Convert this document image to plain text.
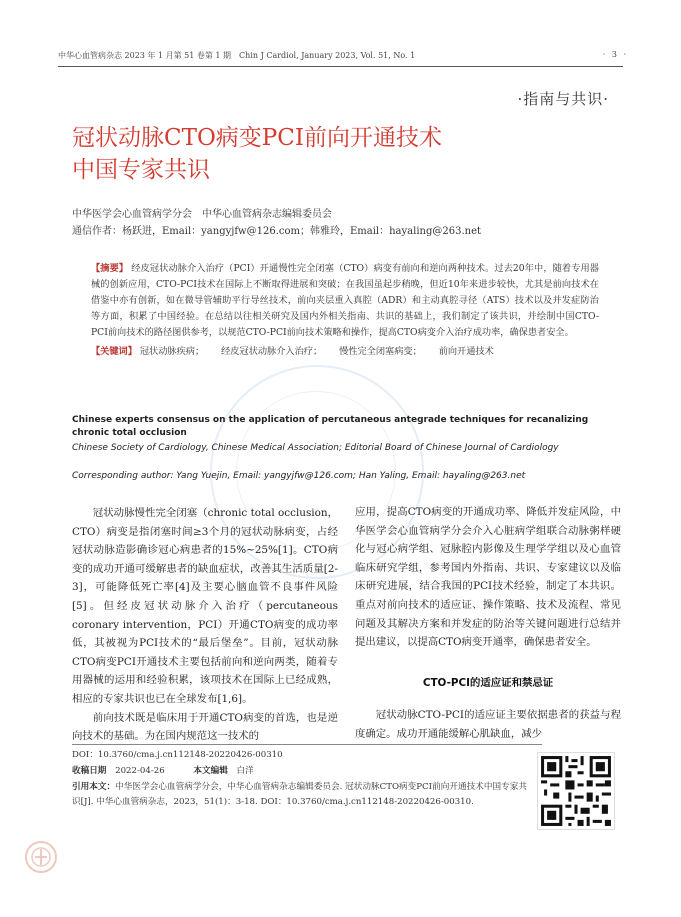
中华心血管病杂志 2023 年 1 月第 51 卷第 1 期　Chin J Cardiol, January 2023, Vol. 51, No. 1	· 3 ·
·指南与共识·
冠状动脉CTO病变PCI前向开通技术
中国专家共识
中华医学会心血管病学分会　中华心血管病杂志编辑委员会
通信作者：杨跃进，Email：yangyjfw@126.com；韩雅玲，Email：hayaling@263.net
【摘要】 经皮冠状动脉介入治疗（PCI）开通慢性完全闭塞（CTO）病变有前向和逆向两种技术。过去20年中，随着专用器械的创新应用，CTO-PCI技术在国际上不断取得进展和突破；在我国虽起步稍晚，但近10年来进步较快，尤其是前向技术在借鉴中亦有创新，如在微导管辅助平行导丝技术，前向夹层重入真腔（ADR）和主动真腔寻径（ATS）技术以及并发症防治等方面，积累了中国经验。在总结以往相关研究及国内外相关指南、共识的基础上，我们制定了该共识，并绘制中国CTO-PCI前向技术的路径图供参考，以规范CTO-PCI前向技术策略和操作，提高CTO病变介入治疗成功率，确保患者安全。
【关键词】 冠状动脉疾病； 经皮冠状动脉介入治疗； 慢性完全闭塞病变； 前向开通技术
Chinese experts consensus on the application of percutaneous antegrade techniques for recanalizing chronic total occlusion
Chinese Society of Cardiology, Chinese Medical Association; Editorial Board of Chinese Journal of Cardiology
Corresponding author: Yang Yuejin, Email: yangyjfw@126.com; Han Yaling, Email: hayaling@263.net

冠状动脉慢性完全闭塞（chronic total occlusion，CTO）病变是指闭塞时间≥3个月的冠状动脉病变，占经冠状动脉造影确诊冠心病患者的15%~25%[1]。CTO病变的成功开通可缓解患者的缺血症状，改善其生活质量[2-3]，可能降低死亡率[4]及主要心脑血管不良事件风险[5]。但经皮冠状动脉介入治疗（percutaneous coronary intervention，PCI）开通CTO病变的成功率低，其被视为PCI技术的“最后堡垒”。目前，冠状动脉CTO病变PCI开通技术主要包括前向和逆向两类，随着专用器械的运用和经验积累，该项技术在国际上已经成熟，相应的专家共识也已在全球发布[1,6]。

前向技术既是临床用于开通CTO病变的首选，也是逆向技术的基础。为在国内规范这一技术的

应用，提高CTO病变的开通成功率、降低并发症风险，中华医学会心血管病学分会介入心脏病学组联合动脉粥样硬化与冠心病学组、冠脉腔内影像及生理学学组以及心血管临床研究学组，参考国内外指南、共识、专家建议以及临床研究进展，结合我国的PCI技术经验，制定了本共识。重点对前向技术的适应证、操作策略、技术及流程、常见问题及其解决方案和并发症的防治等关键问题进行总结并提出建议，以提高CTO病变开通率，确保患者安全。

CTO-PCI的适应证和禁忌证

冠状动脉CTO-PCI的适应证主要依据患者的获益与程度确定。成功开通能缓解心肌缺血，减少

DOI：10.3760/cma.j.cn112148-20220426-00310
收稿日期 2022-04-26	本文编辑 白洋
引用本文：中华医学会心血管病学分会，中华心血管病杂志编辑委员会. 冠状动脉CTO病变PCI前向开通技术中国专家共识[J]. 中华心血管病杂志，2023，51(1)：3-18. DOI：10.3760/cma.j.cn112148-20220426-00310.
